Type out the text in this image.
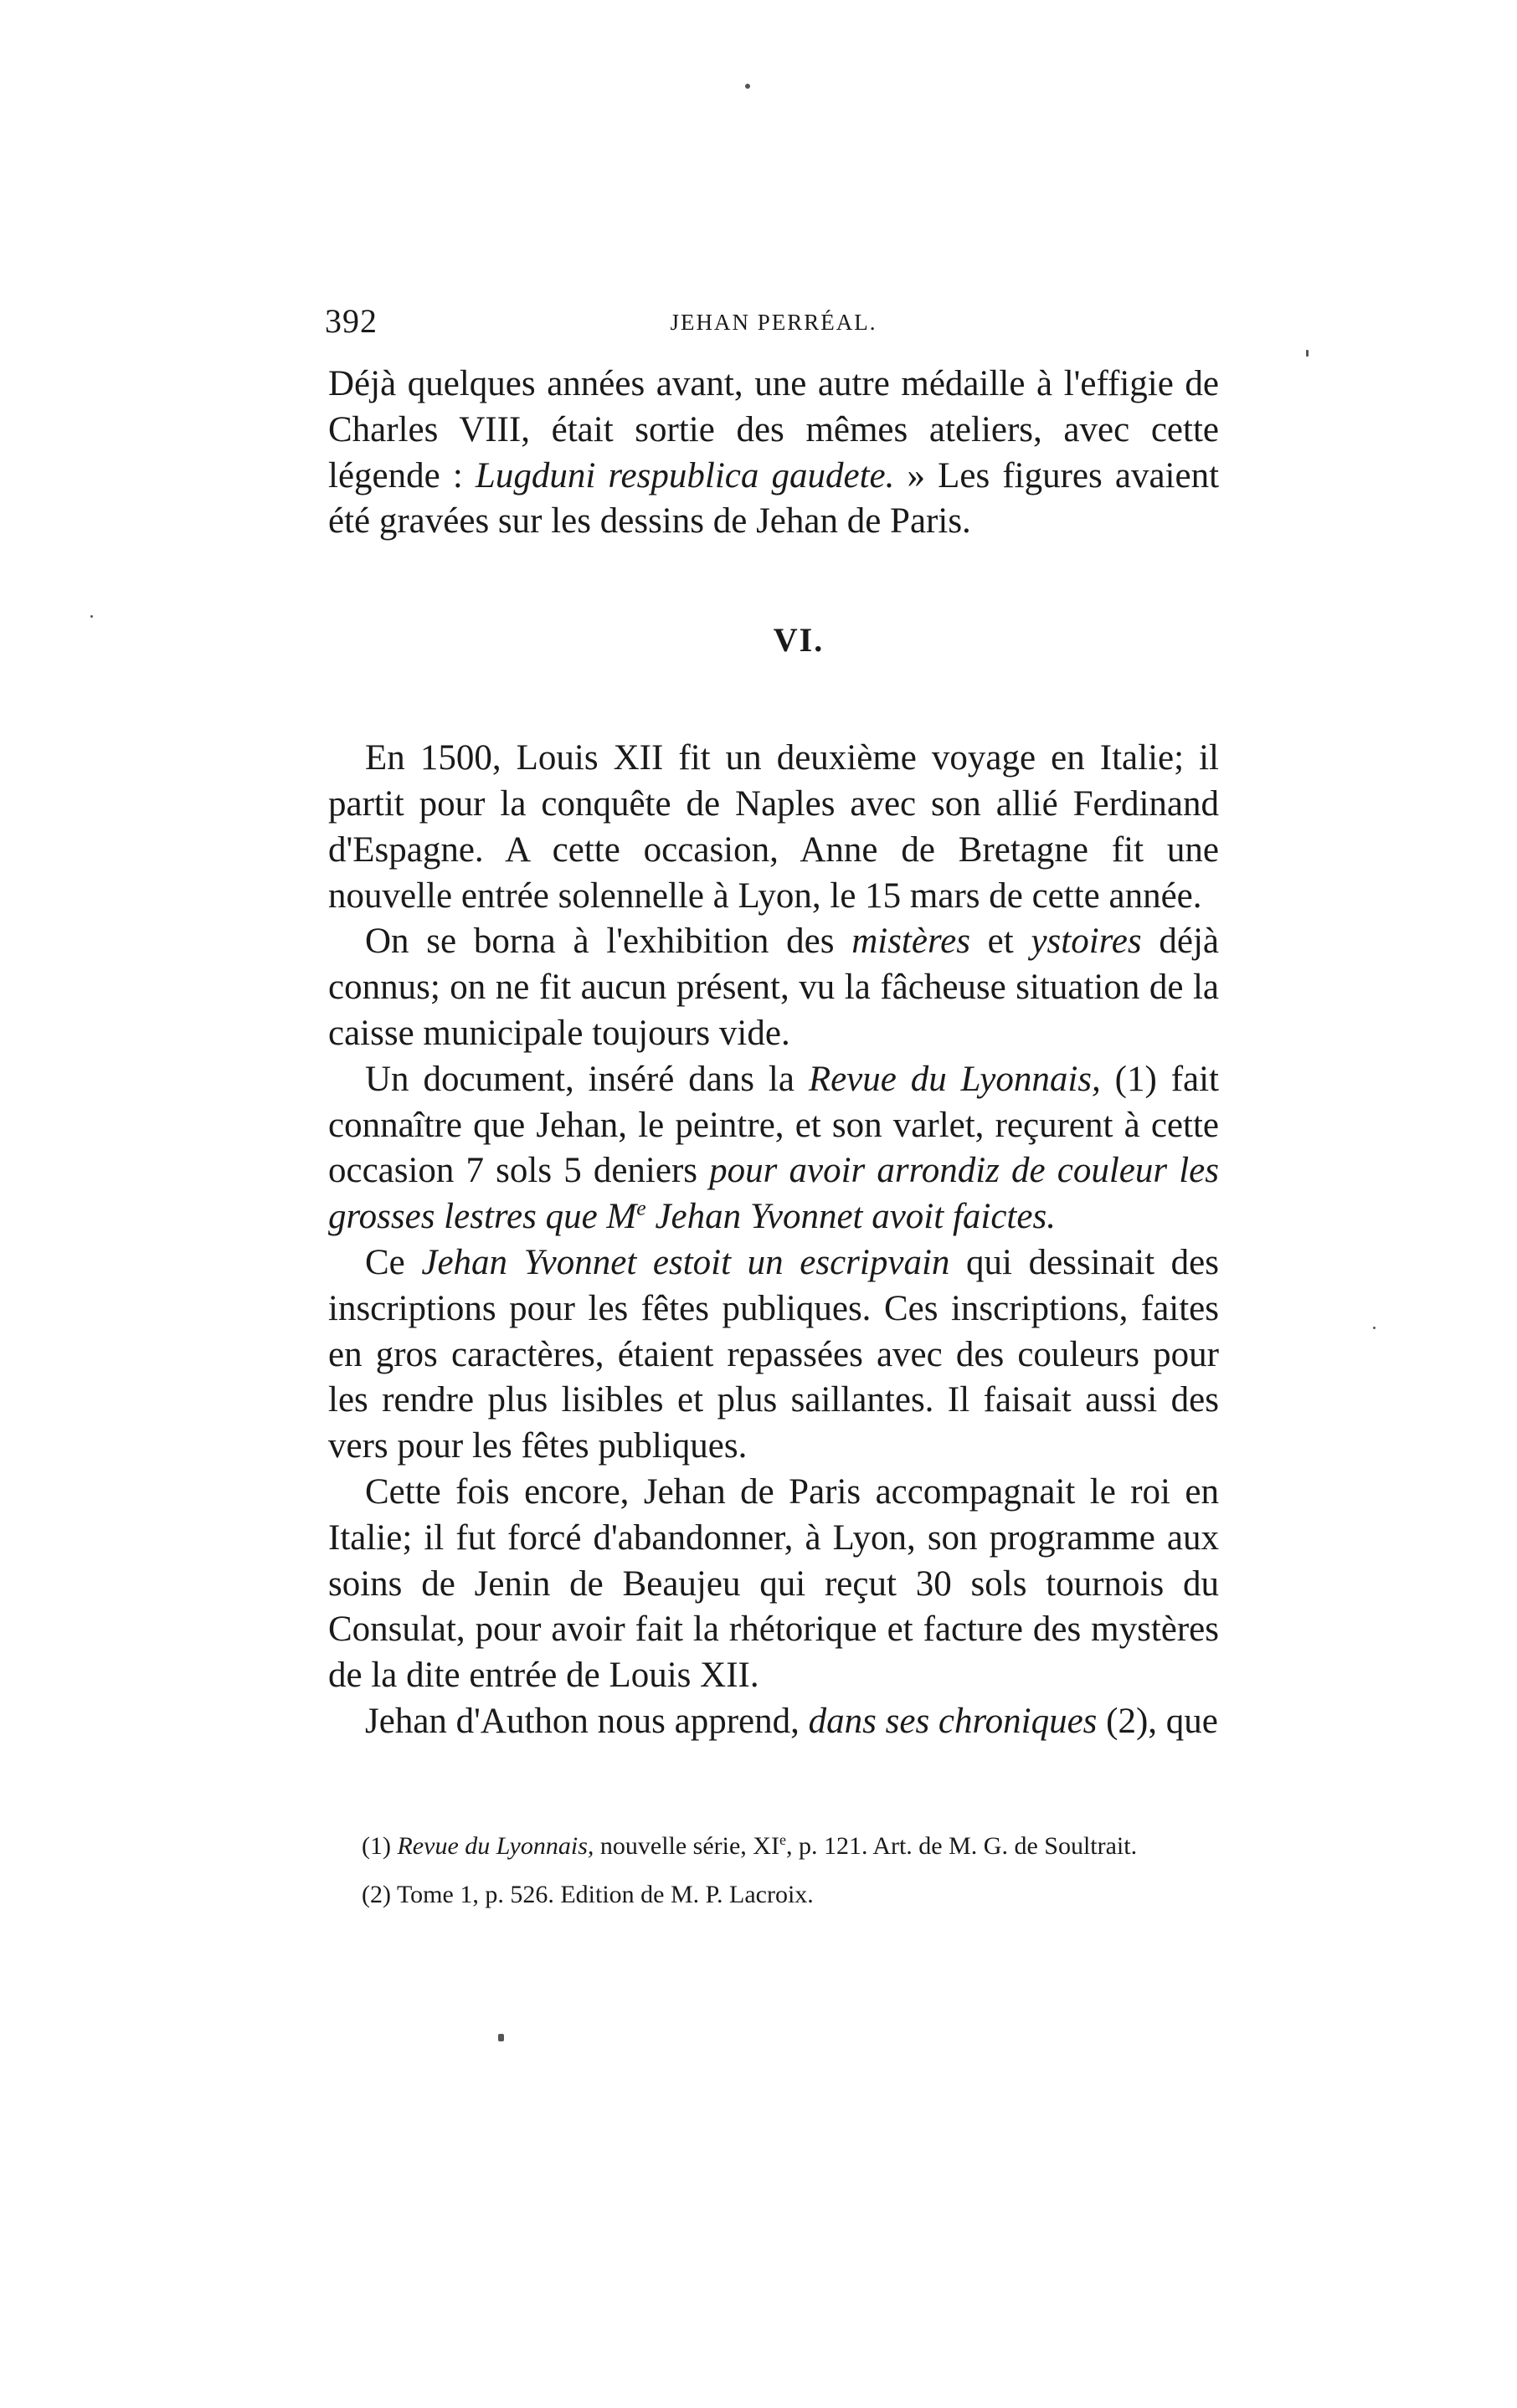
392	JEHAN PERRÉAL.

Déjà quelques années avant, une autre médaille à l'effigie de Charles VIII, était sortie des mêmes ateliers, avec cette légende : Lugduni respublica gaudete. » Les figures avaient été gravées sur les dessins de Jehan de Paris.

VI.

En 1500, Louis XII fit un deuxième voyage en Italie; il partit pour la conquête de Naples avec son allié Ferdinand d'Espagne. A cette occasion, Anne de Bretagne fit une nouvelle entrée solennelle à Lyon, le 15 mars de cette année.

On se borna à l'exhibition des mistères et ystoires déjà connus; on ne fit aucun présent, vu la fâcheuse situation de la caisse municipale toujours vide.

Un document, inséré dans la Revue du Lyonnais, (1) fait connaître que Jehan, le peintre, et son varlet, reçurent à cette occasion 7 sols 5 deniers pour avoir arrondiz de couleur les grosses lestres que Me Jehan Yvonnet avoit faictes.

Ce Jehan Yvonnet estoit un escripvain qui dessinait des inscriptions pour les fêtes publiques. Ces inscriptions, faites en gros caractères, étaient repassées avec des couleurs pour les rendre plus lisibles et plus saillantes. Il faisait aussi des vers pour les fêtes publiques.

Cette fois encore, Jehan de Paris accompagnait le roi en Italie; il fut forcé d'abandonner, à Lyon, son programme aux soins de Jenin de Beaujeu qui reçut 30 sols tournois du Consulat, pour avoir fait la rhétorique et facture des mystères de la dite entrée de Louis XII.

Jehan d'Authon nous apprend, dans ses chroniques (2), que

(1) Revue du Lyonnais, nouvelle série, XIe, p. 121. Art. de M. G. de Soultrait.

(2) Tome 1, p. 526. Edition de M. P. Lacroix.
